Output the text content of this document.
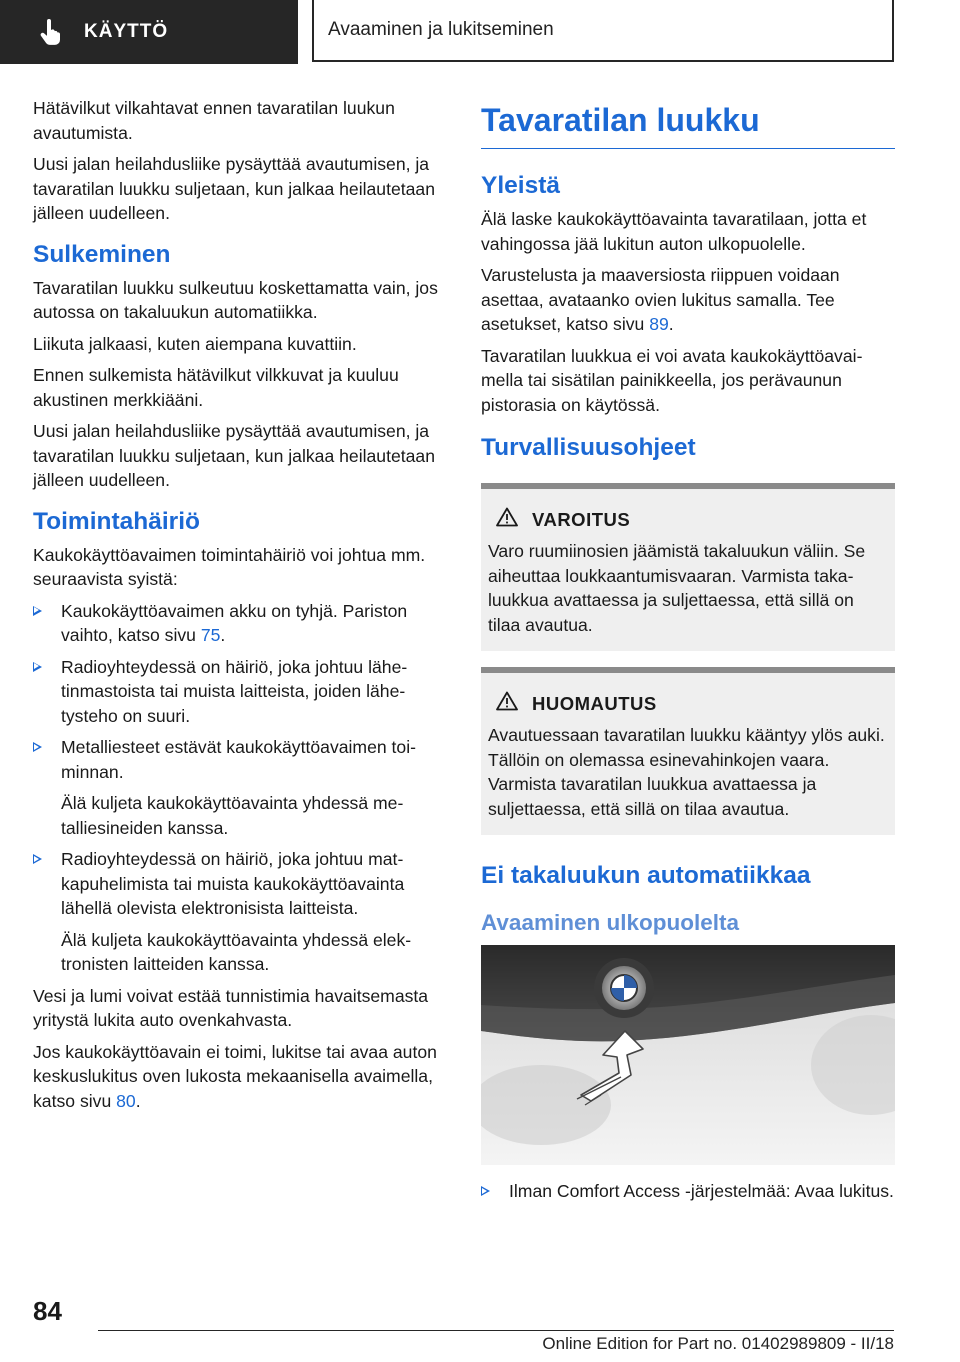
KÄYTTÖ	Avaaminen ja lukitseminen

Hätävilkut vilkahtavat ennen tavaratilan luukun avautumista.

Uusi jalan heilahdusliike pysäyttää avautumisen, ja tavaratilan luukku suljetaan, kun jalkaa heilautetaan jälleen uudelleen.

Sulkeminen

Tavaratilan luukku sulkeutuu koskettamatta vain, jos autossa on takaluukun automatiikka.

Liikuta jalkaasi, kuten aiempana kuvattiin.

Ennen sulkemista hätävilkut vilkkuvat ja kuuluu akustinen merkkiääni.

Uusi jalan heilahdusliike pysäyttää avautumisen, ja tavaratilan luukku suljetaan, kun jalkaa heilautetaan jälleen uudelleen.

Toimintahäiriö

Kaukokäyttöavaimen toimintahäiriö voi johtua mm. seuraavista syistä:

Kaukokäyttöavaimen akku on tyhjä. Pariston vaihto, katso sivu 75.
Radioyhteydessä on häiriö, joka johtuu lähetinmastoista tai muista laitteista, joiden lähetysteho on suuri.
Metalliesteet estävät kaukokäyttöavaimen toiminnan.
Älä kuljeta kaukokäyttöavainta yhdessä metalliesineiden kanssa.
Radioyhteydessä on häiriö, joka johtuu matkapuhelimista tai muista kaukokäyttöavainta lähellä olevista elektronisista laitteista.
Älä kuljeta kaukokäyttöavainta yhdessä elektronisten laitteiden kanssa.

Vesi ja lumi voivat estää tunnistimia havaitsemasta yritystä lukita auto ovenkahvasta.

Jos kaukokäyttöavain ei toimi, lukitse tai avaa auton keskuslukitus oven lukosta mekaanisella avaimella, katso sivu 80.

Tavaratilan luukku
Yleistä

Älä laske kaukokäyttöavainta tavaratilaan, jotta et vahingossa jää lukitun auton ulkopuolelle.

Varustelusta ja maaversiosta riippuen voidaan asettaa, avataanko ovien lukitus samalla. Tee asetukset, katso sivu 89.

Tavaratilan luukkua ei voi avata kaukokäyttöavaimella tai sisätilan painikkeella, jos perävaunun pistorasia on käytössä.

Turvallisuusohjeet
VAROITUS

Varo ruumiinosien jäämistä takaluukun väliin. Se aiheuttaa loukkaantumisvaaran. Varmista takaluukkua avattaessa ja suljettaessa, että sillä on tilaa avautua.

HUOMAUTUS

Avautuessaan tavaratilan luukku kääntyy ylös auki. Tällöin on olemassa esinevahinkojen vaara. Varmista tavaratilan luukkua avattaessa ja suljettaessa, että sillä on tilaa avautua.

Ei takaluukun automatiikkaa
Avaaminen ulkopuolelta
Ilman Comfort Access -järjestelmää: Avaa lukitus.
84
Online Edition for Part no. 01402989809 - II/18
